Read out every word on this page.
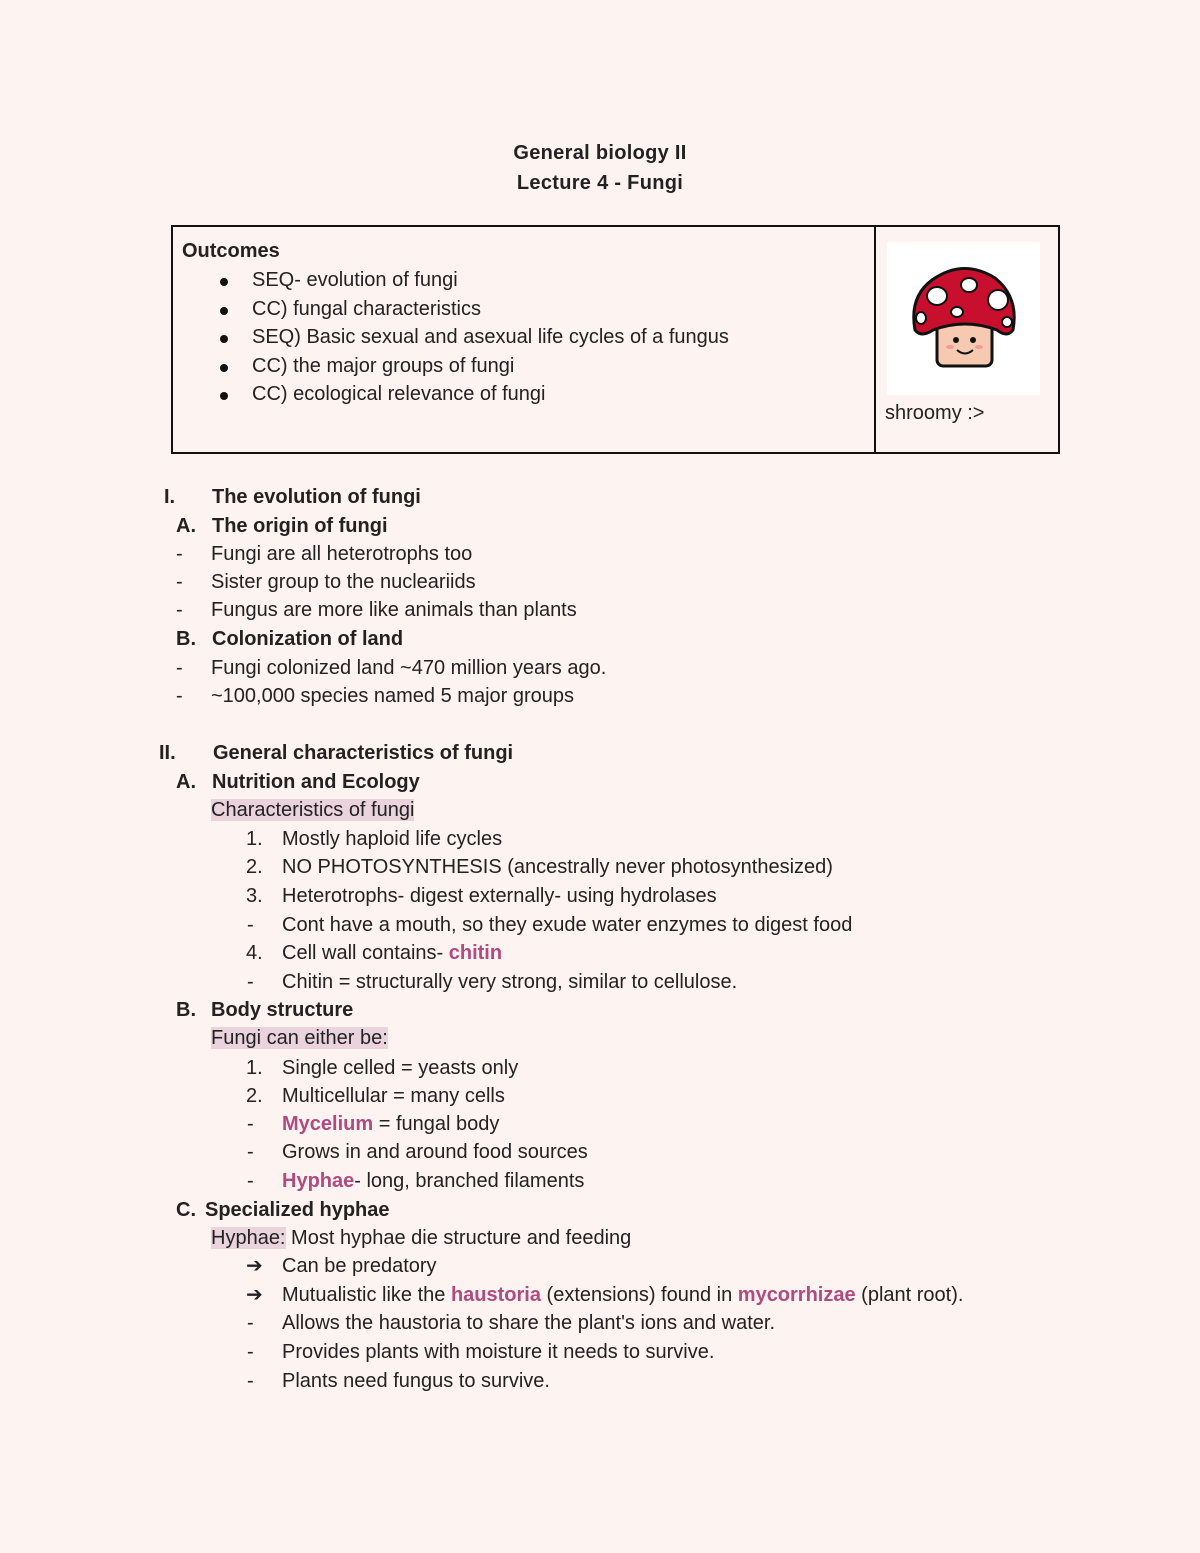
General biology II
Lecture 4 - Fungi
Outcomes
SEQ- evolution of fungi
CC) fungal characteristics
SEQ) Basic sexual and asexual life cycles of a fungus
CC) the major groups of fungi
CC) ecological relevance of fungi
shroomy :>
I. The evolution of fungi
A. The origin of fungi
- Fungi are all heterotrophs too
- Sister group to the nucleariids
- Fungus are more like animals than plants
B. Colonization of land
- Fungi colonized land ~470 million years ago.
- ~100,000 species named 5 major groups
II. General characteristics of fungi
A. Nutrition and Ecology
Characteristics of fungi
1. Mostly haploid life cycles
2. NO PHOTOSYNTHESIS (ancestrally never photosynthesized)
3. Heterotrophs- digest externally- using hydrolases
- Cont have a mouth, so they exude water enzymes to digest food
4. Cell wall contains- chitin
- Chitin = structurally very strong, similar to cellulose.
B. Body structure
Fungi can either be:
1. Single celled = yeasts only
2. Multicellular = many cells
- Mycelium = fungal body
- Grows in and around food sources
- Hyphae- long, branched filaments
C. Specialized hyphae
Hyphae: Most hyphae die structure and feeding
➔ Can be predatory
➔ Mutualistic like the haustoria (extensions) found in mycorrhizae (plant root).
- Allows the haustoria to share the plant's ions and water.
- Provides plants with moisture it needs to survive.
- Plants need fungus to survive.
